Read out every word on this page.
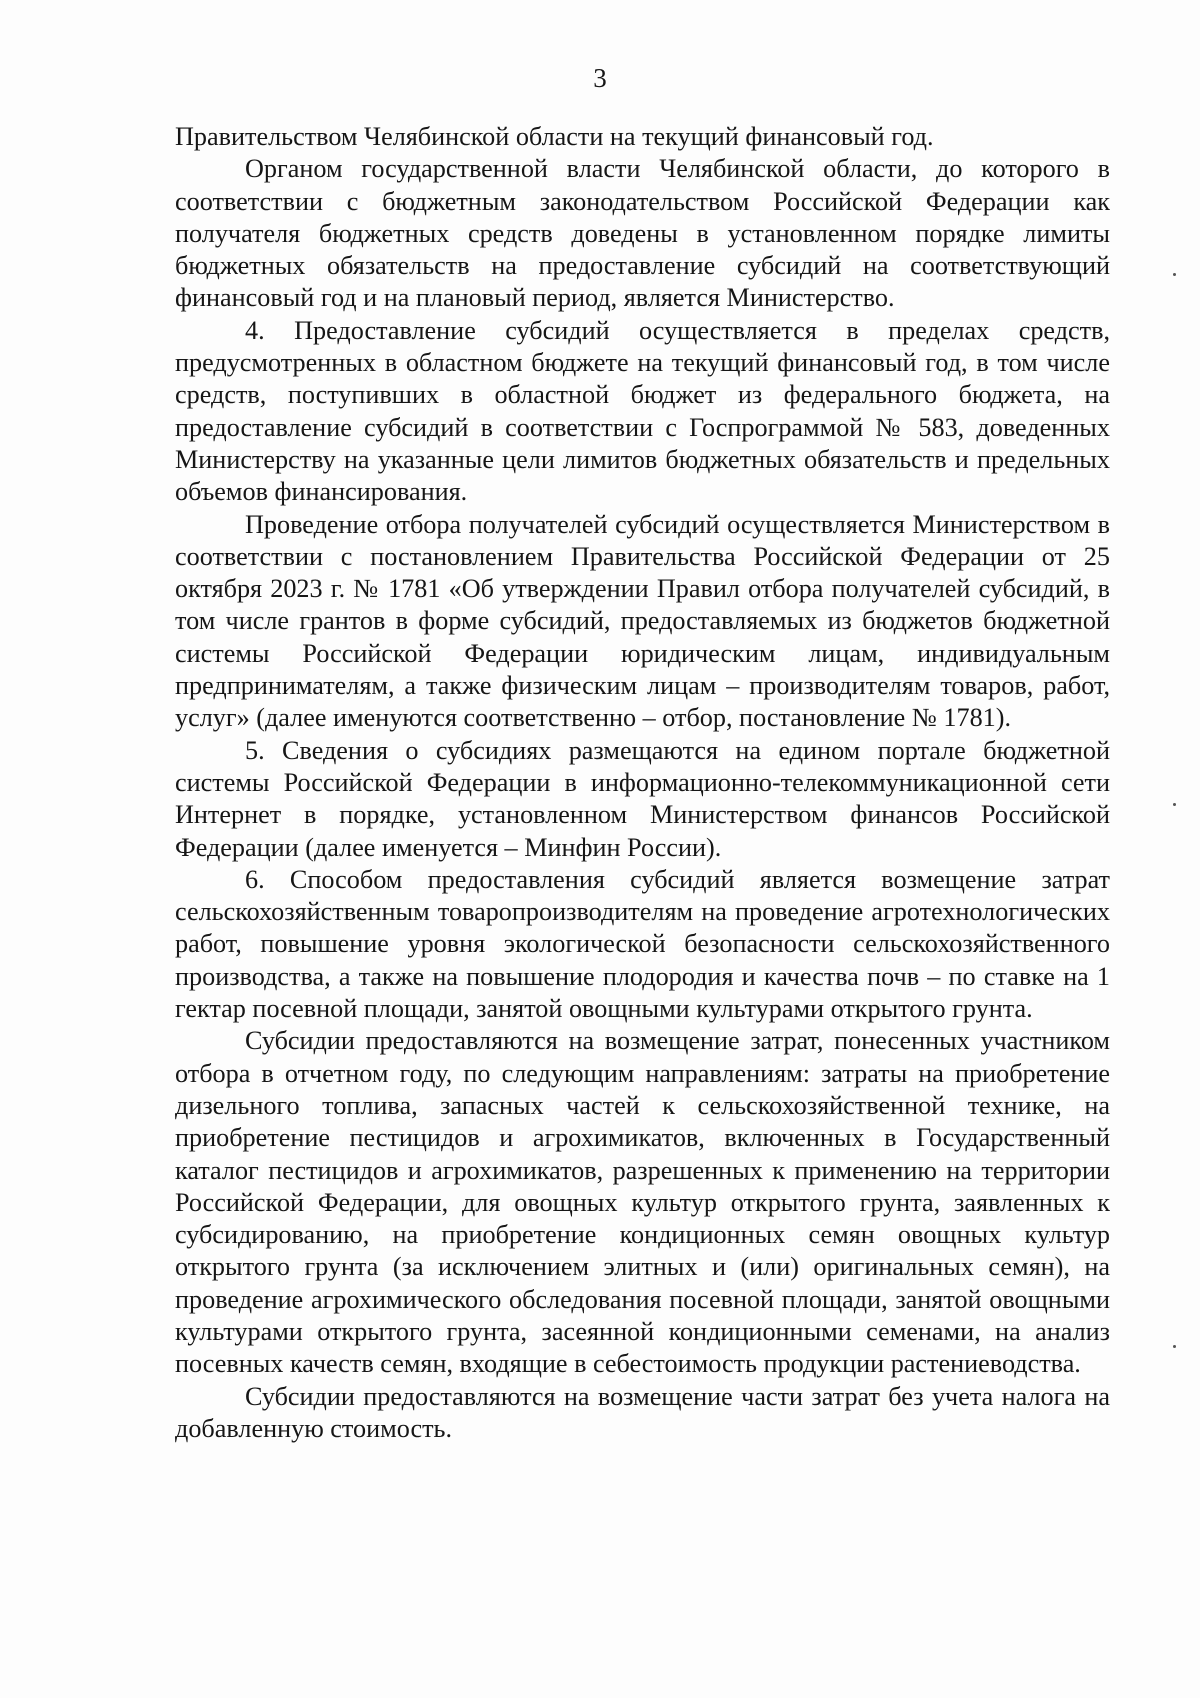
3

Правительством Челябинской области на текущий финансовый год.

Органом государственной власти Челябинской области, до которого в соответствии с бюджетным законодательством Российской Федерации как получателя бюджетных средств доведены в установленном порядке лимиты бюджетных обязательств на предоставление субсидий на соответствующий финансовый год и на плановый период, является Министерство.

4. Предоставление субсидий осуществляется в пределах средств, предусмотренных в областном бюджете на текущий финансовый год, в том числе средств, поступивших в областной бюджет из федерального бюджета, на предоставление субсидий в соответствии с Госпрограммой № 583, доведенных Министерству на указанные цели лимитов бюджетных обязательств и предельных объемов финансирования.

Проведение отбора получателей субсидий осуществляется Министерством в соответствии с постановлением Правительства Российской Федерации от 25 октября 2023 г. № 1781 «Об утверждении Правил отбора получателей субсидий, в том числе грантов в форме субсидий, предоставляемых из бюджетов бюджетной системы Российской Федерации юридическим лицам, индивидуальным предпринимателям, а также физическим лицам – производителям товаров, работ, услуг» (далее именуются соответственно – отбор, постановление № 1781).

5. Сведения о субсидиях размещаются на едином портале бюджетной системы Российской Федерации в информационно-телекоммуникационной сети Интернет в порядке, установленном Министерством финансов Российской Федерации (далее именуется – Минфин России).

6. Способом предоставления субсидий является возмещение затрат сельскохозяйственным товаропроизводителям на проведение агротехнологических работ, повышение уровня экологической безопасности сельскохозяйственного производства, а также на повышение плодородия и качества почв – по ставке на 1 гектар посевной площади, занятой овощными культурами открытого грунта.

Субсидии предоставляются на возмещение затрат, понесенных участником отбора в отчетном году, по следующим направлениям: затраты на приобретение дизельного топлива, запасных частей к сельскохозяйственной технике, на приобретение пестицидов и агрохимикатов, включенных в Государственный каталог пестицидов и агрохимикатов, разрешенных к применению на территории Российской Федерации, для овощных культур открытого грунта, заявленных к субсидированию, на приобретение кондиционных семян овощных культур открытого грунта (за исключением элитных и (или) оригинальных семян), на проведение агрохимического обследования посевной площади, занятой овощными культурами открытого грунта, засеянной кондиционными семенами, на анализ посевных качеств семян, входящие в себестоимость продукции растениеводства.

Субсидии предоставляются на возмещение части затрат без учета налога на добавленную стоимость.
